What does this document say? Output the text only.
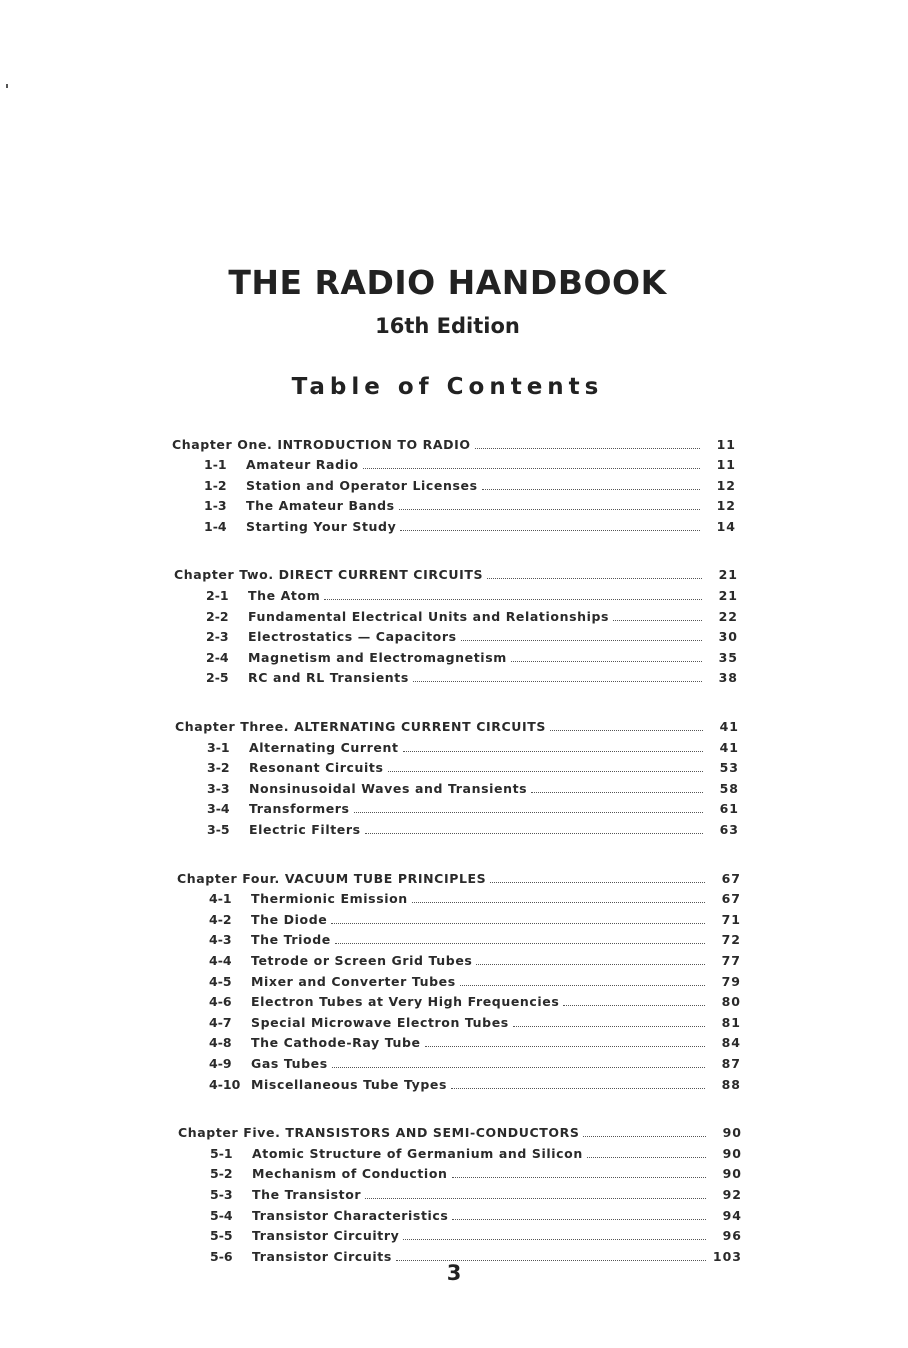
THE RADIO HANDBOOK
16th Edition
Table of Contents
Chapter One. INTRODUCTION TO RADIO	11
1-1	Amateur Radio	11
1-2	Station and Operator Licenses	12
1-3	The Amateur Bands	12
1-4	Starting Your Study	14
Chapter Two. DIRECT CURRENT CIRCUITS	21
2-1	The Atom	21
2-2	Fundamental Electrical Units and Relationships	22
2-3	Electrostatics — Capacitors	30
2-4	Magnetism and Electromagnetism	35
2-5	RC and RL Transients	38
Chapter Three. ALTERNATING CURRENT CIRCUITS	41
3-1	Alternating Current	41
3-2	Resonant Circuits	53
3-3	Nonsinusoidal Waves and Transients	58
3-4	Transformers	61
3-5	Electric Filters	63
Chapter Four. VACUUM TUBE PRINCIPLES	67
4-1	Thermionic Emission	67
4-2	The Diode	71
4-3	The Triode	72
4-4	Tetrode or Screen Grid Tubes	77
4-5	Mixer and Converter Tubes	79
4-6	Electron Tubes at Very High Frequencies	80
4-7	Special Microwave Electron Tubes	81
4-8	The Cathode-Ray Tube	84
4-9	Gas Tubes	87
4-10 Miscellaneous Tube Types	88
Chapter Five. TRANSISTORS AND SEMI-CONDUCTORS	90
5-1	Atomic Structure of Germanium and Silicon	90
5-2	Mechanism of Conduction	90
5-3	The Transistor	92
5-4	Transistor Characteristics	94
5-5	Transistor Circuitry	96
5-6	Transistor Circuits	103
3
